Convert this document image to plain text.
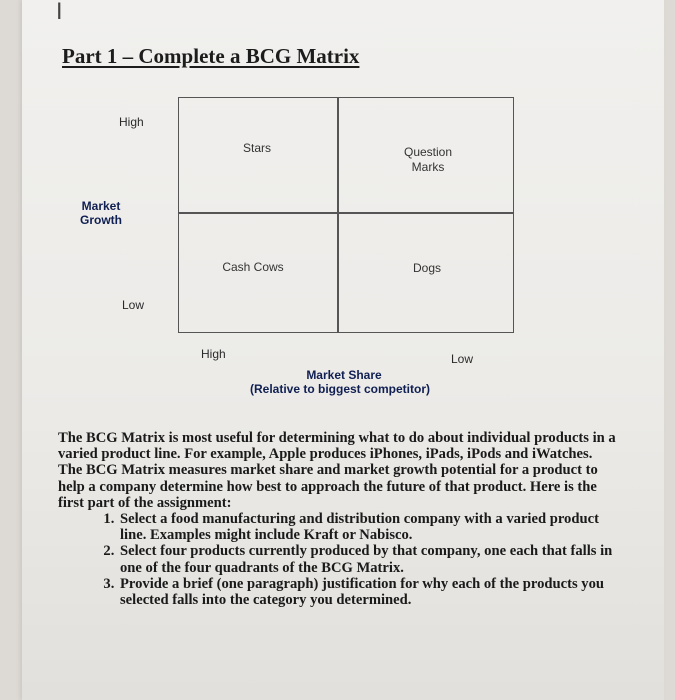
I
Part 1 – Complete a BCG Matrix
High
Market
Growth
Low
Stars	Question
Marks
Cash Cows	Dogs
High	Low
Market Share
(Relative to biggest competitor)

The BCG Matrix is most useful for determining what to do about individual products in a varied product line. For example, Apple produces iPhones, iPads, iPods and iWatches. The BCG Matrix measures market share and market growth potential for a product to help a company determine how best to approach the future of that product. Here is the first part of the assignment:

1. Select a food manufacturing and distribution company with a varied product line. Examples might include Kraft or Nabisco.
2. Select four products currently produced by that company, one each that falls in one of the four quadrants of the BCG Matrix.
3. Provide a brief (one paragraph) justification for why each of the products you selected falls into the category you determined.
